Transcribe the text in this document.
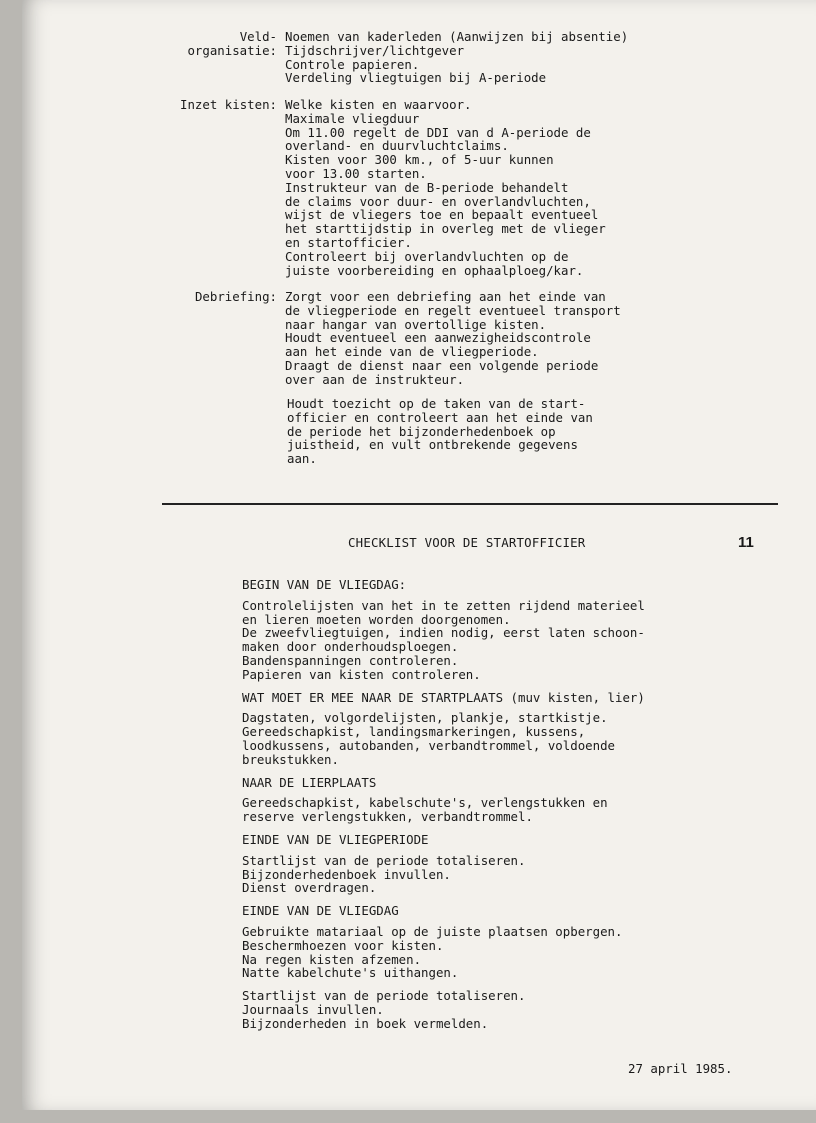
Veld-
organisatie:
Noemen van kaderleden (Aanwijzen bij absentie)
Tijdschrijver/lichtgever
Controle papieren.
Verdeling vliegtuigen bij A-periode
Inzet kisten: Welke kisten en waarvoor.
Maximale vliegduur
Om 11.00 regelt de DDI van d A-periode de
overland- en duurvluchtclaims.
Kisten voor 300 km., of 5-uur kunnen
voor 13.00 starten.
Instrukteur van de B-periode behandelt
de claims voor duur- en overlandvluchten,
wijst de vliegers toe en bepaalt eventueel
het starttijdstip in overleg met de vlieger
en startofficier.
Controleert bij overlandvluchten op de
juiste voorbereiding en ophaalploeg/kar.
Debriefing: Zorgt voor een debriefing aan het einde van
de vliegperiode en regelt eventueel transport
naar hangar van overtollige kisten.
Houdt eventueel een aanwezigheidscontrole
aan het einde van de vliegperiode.
Draagt de dienst naar een volgende periode
over aan de instrukteur.
Houdt toezicht op de taken van de start-
officier en controleert aan het einde van
de periode het bijzonderhedenboek op
juistheid, en vult ontbrekende gegevens
aan.
CHECKLIST VOOR DE STARTOFFICIER	11
BEGIN VAN DE VLIEGDAG:
Controlelijsten van het in te zetten rijdend materieel
en lieren moeten worden doorgenomen.
De zweefvliegtuigen, indien nodig, eerst laten schoon-
maken door onderhoudsploegen.
Bandenspanningen controleren.
Papieren van kisten controleren.
WAT MOET ER MEE NAAR DE STARTPLAATS (muv kisten, lier)
Dagstaten, volgordelijsten, plankje, startkistje.
Gereedschapkist, landingsmarkeringen, kussens,
loodkussens, autobanden, verbandtrommel, voldoende
breukstukken.
NAAR DE LIERPLAATS
Gereedschapkist, kabelschute's, verlengstukken en
reserve verlengstukken, verbandtrommel.
EINDE VAN DE VLIEGPERIODE
Startlijst van de periode totaliseren.
Bijzonderhedenboek invullen.
Dienst overdragen.
EINDE VAN DE VLIEGDAG
Gebruikte matariaal op de juiste plaatsen opbergen.
Beschermhoezen voor kisten.
Na regen kisten afzemen.
Natte kabelchute's uithangen.
Startlijst van de periode totaliseren.
Journaals invullen.
Bijzonderheden in boek vermelden.
27 april 1985.
